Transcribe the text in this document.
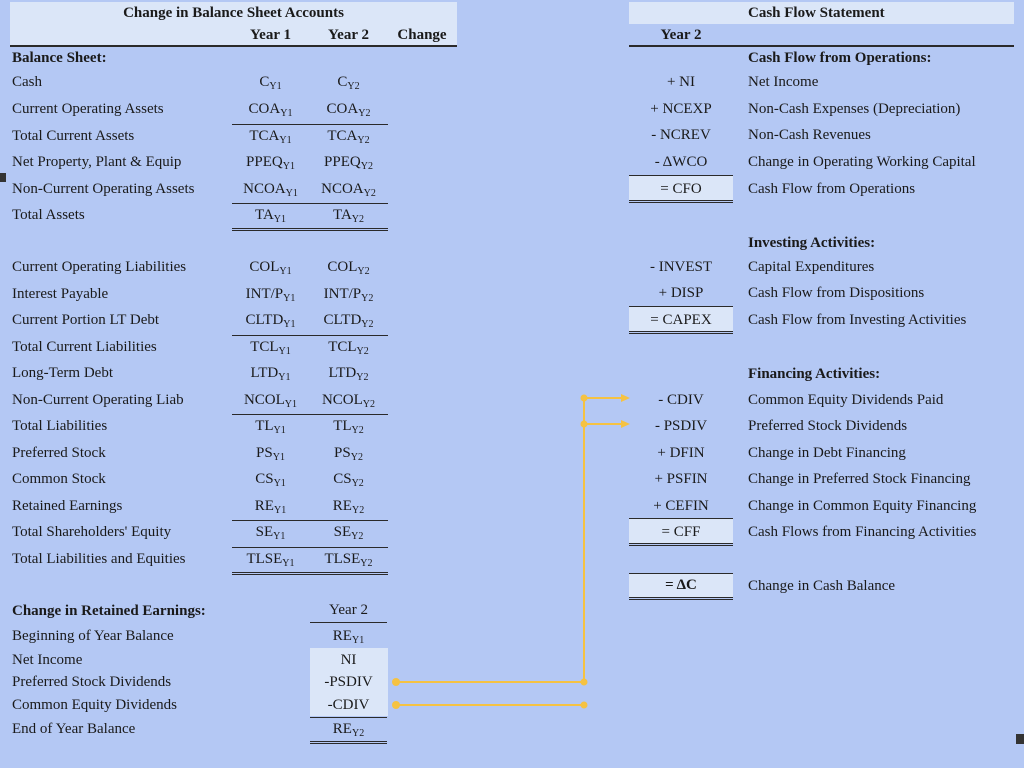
Change in Balance Sheet Accounts
Year 1	Year 2	Change
Balance Sheet:
Change in Retained Earnings:	Year 2
Cash Flow Statement
Year 2
Cash Flow from Operations:
Investing Activities:
Financing Activities:
= ΔC	Change in Cash Balance
Cash	$C_{Y1}$	$C_{Y2}$
Current Operating Assets	$COA_{Y1}$	$COA_{Y2}$
Total Current Assets	$TCA_{Y1}$	$TCA_{Y2}$
Net Property, Plant & Equip	$PPEQ_{Y1}$	$PPEQ_{Y2}$
Non-Current Operating Assets	$NCOA_{Y1}$	$NCOA_{Y2}$
Total Assets	$TA_{Y1}$	$TA_{Y2}$
Current Operating Liabilities	$COL_{Y1}$	$COL_{Y2}$
Interest Payable	INT/$P_{Y1}$	INT/$P_{Y2}$
Current Portion LT Debt	$CLTD_{Y1}$	$CLTD_{Y2}$
Total Current Liabilities	$TCL_{Y1}$	$TCL_{Y2}$
Long-Term Debt	$LTD_{Y1}$	$LTD_{Y2}$
Non-Current Operating Liab	$NCOL_{Y1}$	$NCOL_{Y2}$
Total Liabilities	$TL_{Y1}$	$TL_{Y2}$
Preferred Stock	$PS_{Y1}$	$PS_{Y2}$
Common Stock	$CS_{Y1}$	$CS_{Y2}$
Retained Earnings	$RE_{Y1}$	$RE_{Y2}$
Total Shareholders' Equity	$SE_{Y1}$	$SE_{Y2}$
Total Liabilities and Equities	$TLSE_{Y1}$	$TLSE_{Y2}$
Beginning of Year Balance	$RE_{Y1}$
Net Income	NI
Preferred Stock Dividends	-PSDIV
Common Equity Dividends	-CDIV
End of Year Balance	$RE_{Y2}$
+ NI	Net Income
+ NCEXP	Non-Cash Expenses (Depreciation)
- NCREV	Non-Cash Revenues
- ΔWCO	Change in Operating Working Capital
= CFO	Cash Flow from Operations
- INVEST	Capital Expenditures
+ DISP	Cash Flow from Dispositions
= CAPEX	Cash Flow from Investing Activities
- CDIV	Common Equity Dividends Paid
- PSDIV	Preferred Stock Dividends
+ DFIN	Change in Debt Financing
+ PSFIN	Change in Preferred Stock Financing
+ CEFIN	Change in Common Equity Financing
= CFF	Cash Flows from Financing Activities
